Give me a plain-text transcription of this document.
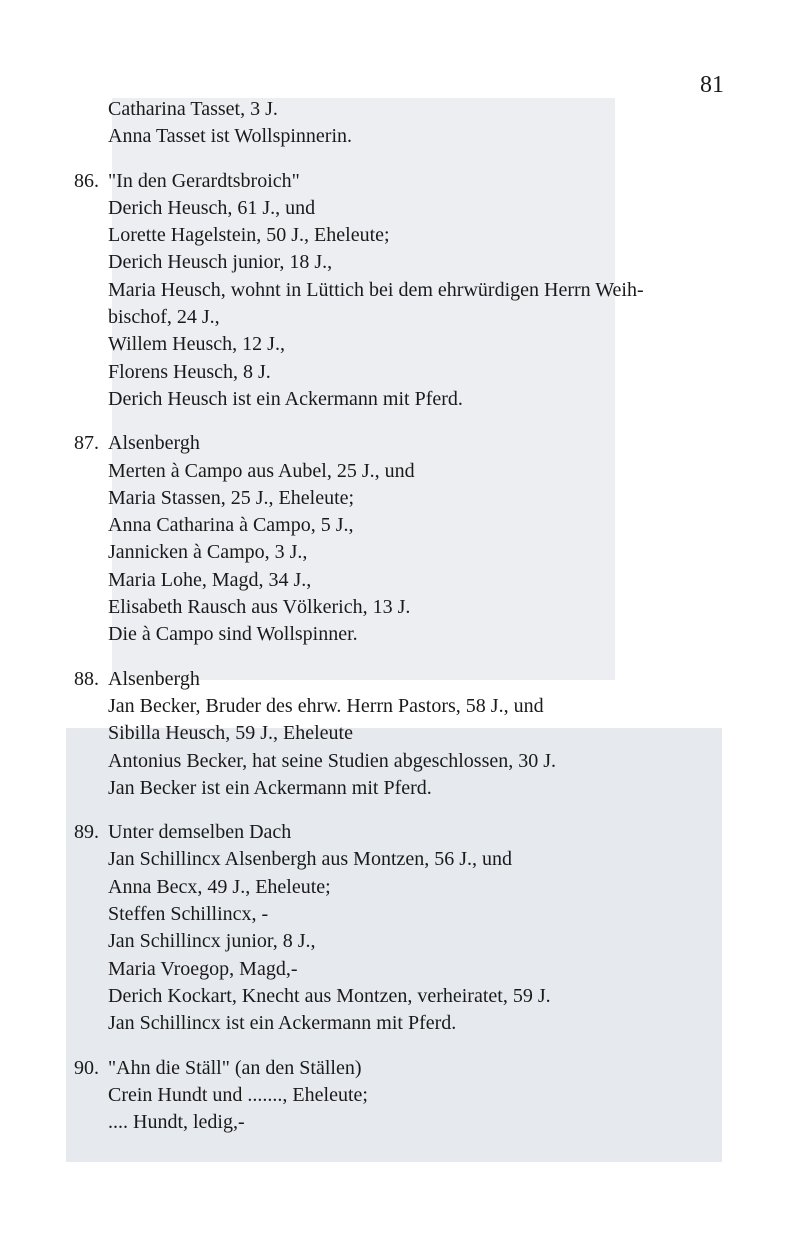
81
Catharina Tasset, 3 J.
Anna Tasset ist Wollspinnerin.
86. "In den Gerardtsbroich"
Derich Heusch, 61 J., und
Lorette Hagelstein, 50 J., Eheleute;
Derich Heusch junior, 18 J.,
Maria Heusch, wohnt in Lüttich bei dem ehrwürdigen Herrn Weih-
bischof, 24 J.,
Willem Heusch, 12 J.,
Florens Heusch, 8 J.
Derich Heusch ist ein Ackermann mit Pferd.
87. Alsenbergh
Merten à Campo aus Aubel, 25 J., und
Maria Stassen, 25 J., Eheleute;
Anna Catharina à Campo, 5 J.,
Jannicken à Campo, 3 J.,
Maria Lohe, Magd, 34 J.,
Elisabeth Rausch aus Völkerich, 13 J.
Die à Campo sind Wollspinner.
88. Alsenbergh
Jan Becker, Bruder des ehrw. Herrn Pastors, 58 J., und
Sibilla Heusch, 59 J., Eheleute
Antonius Becker, hat seine Studien abgeschlossen, 30 J.
Jan Becker ist ein Ackermann mit Pferd.
89. Unter demselben Dach
Jan Schillincx Alsenbergh aus Montzen, 56 J., und
Anna Becx, 49 J., Eheleute;
Steffen Schillincx, -
Jan Schillincx junior, 8 J.,
Maria Vroegop, Magd,-
Derich Kockart, Knecht aus Montzen, verheiratet, 59 J.
Jan Schillincx ist ein Ackermann mit Pferd.
90. "Ahn die Ställ" (an den Ställen)
Crein Hundt und ......., Eheleute;
.... Hundt, ledig,-
